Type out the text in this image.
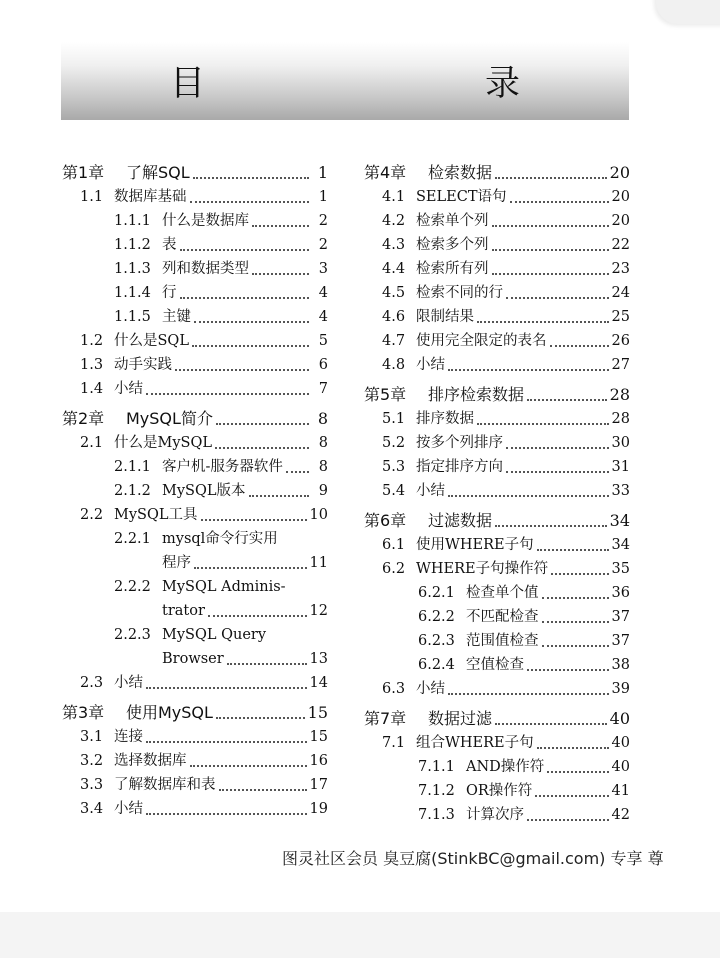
目　　录
第1章	了解SQL	1
1.1 数据库基础	1
1.1.1 什么是数据库	2
1.1.2 表	2
1.1.3 列和数据类型	3
1.1.4 行	4
1.1.5 主键	4
1.2 什么是SQL	5
1.3 动手实践	6
1.4 小结	7
第2章	MySQL简介	8
2.1 什么是MySQL	8
2.1.1 客户机-服务器软件	8
2.1.2 MySQL版本	9
2.2 MySQL工具	10
2.2.1 mysql命令行实用
程序	11
2.2.2 MySQL Adminis-
trator	12
2.2.3 MySQL Query
Browser	13
2.3 小结	14
第3章	使用MySQL	15
3.1 连接	15
3.2 选择数据库	16
3.3 了解数据库和表	17
3.4 小结	19
第4章	检索数据	20
4.1 SELECT语句	20
4.2 检索单个列	20
4.3 检索多个列	22
4.4 检索所有列	23
4.5 检索不同的行	24
4.6 限制结果	25
4.7 使用完全限定的表名	26
4.8 小结	27
第5章	排序检索数据	28
5.1 排序数据	28
5.2 按多个列排序	30
5.3 指定排序方向	31
5.4 小结	33
第6章	过滤数据	34
6.1 使用WHERE子句	34
6.2 WHERE子句操作符	35
6.2.1 检查单个值	36
6.2.2 不匹配检查	37
6.2.3 范围值检查	37
6.2.4 空值检查	38
6.3 小结	39
第7章	数据过滤	40
7.1 组合WHERE子句	40
7.1.1 AND操作符	40
7.1.2 OR操作符	41
7.1.3 计算次序	42
图灵社区会员 臭豆腐(StinkBC@gmail.com) 专享 尊
